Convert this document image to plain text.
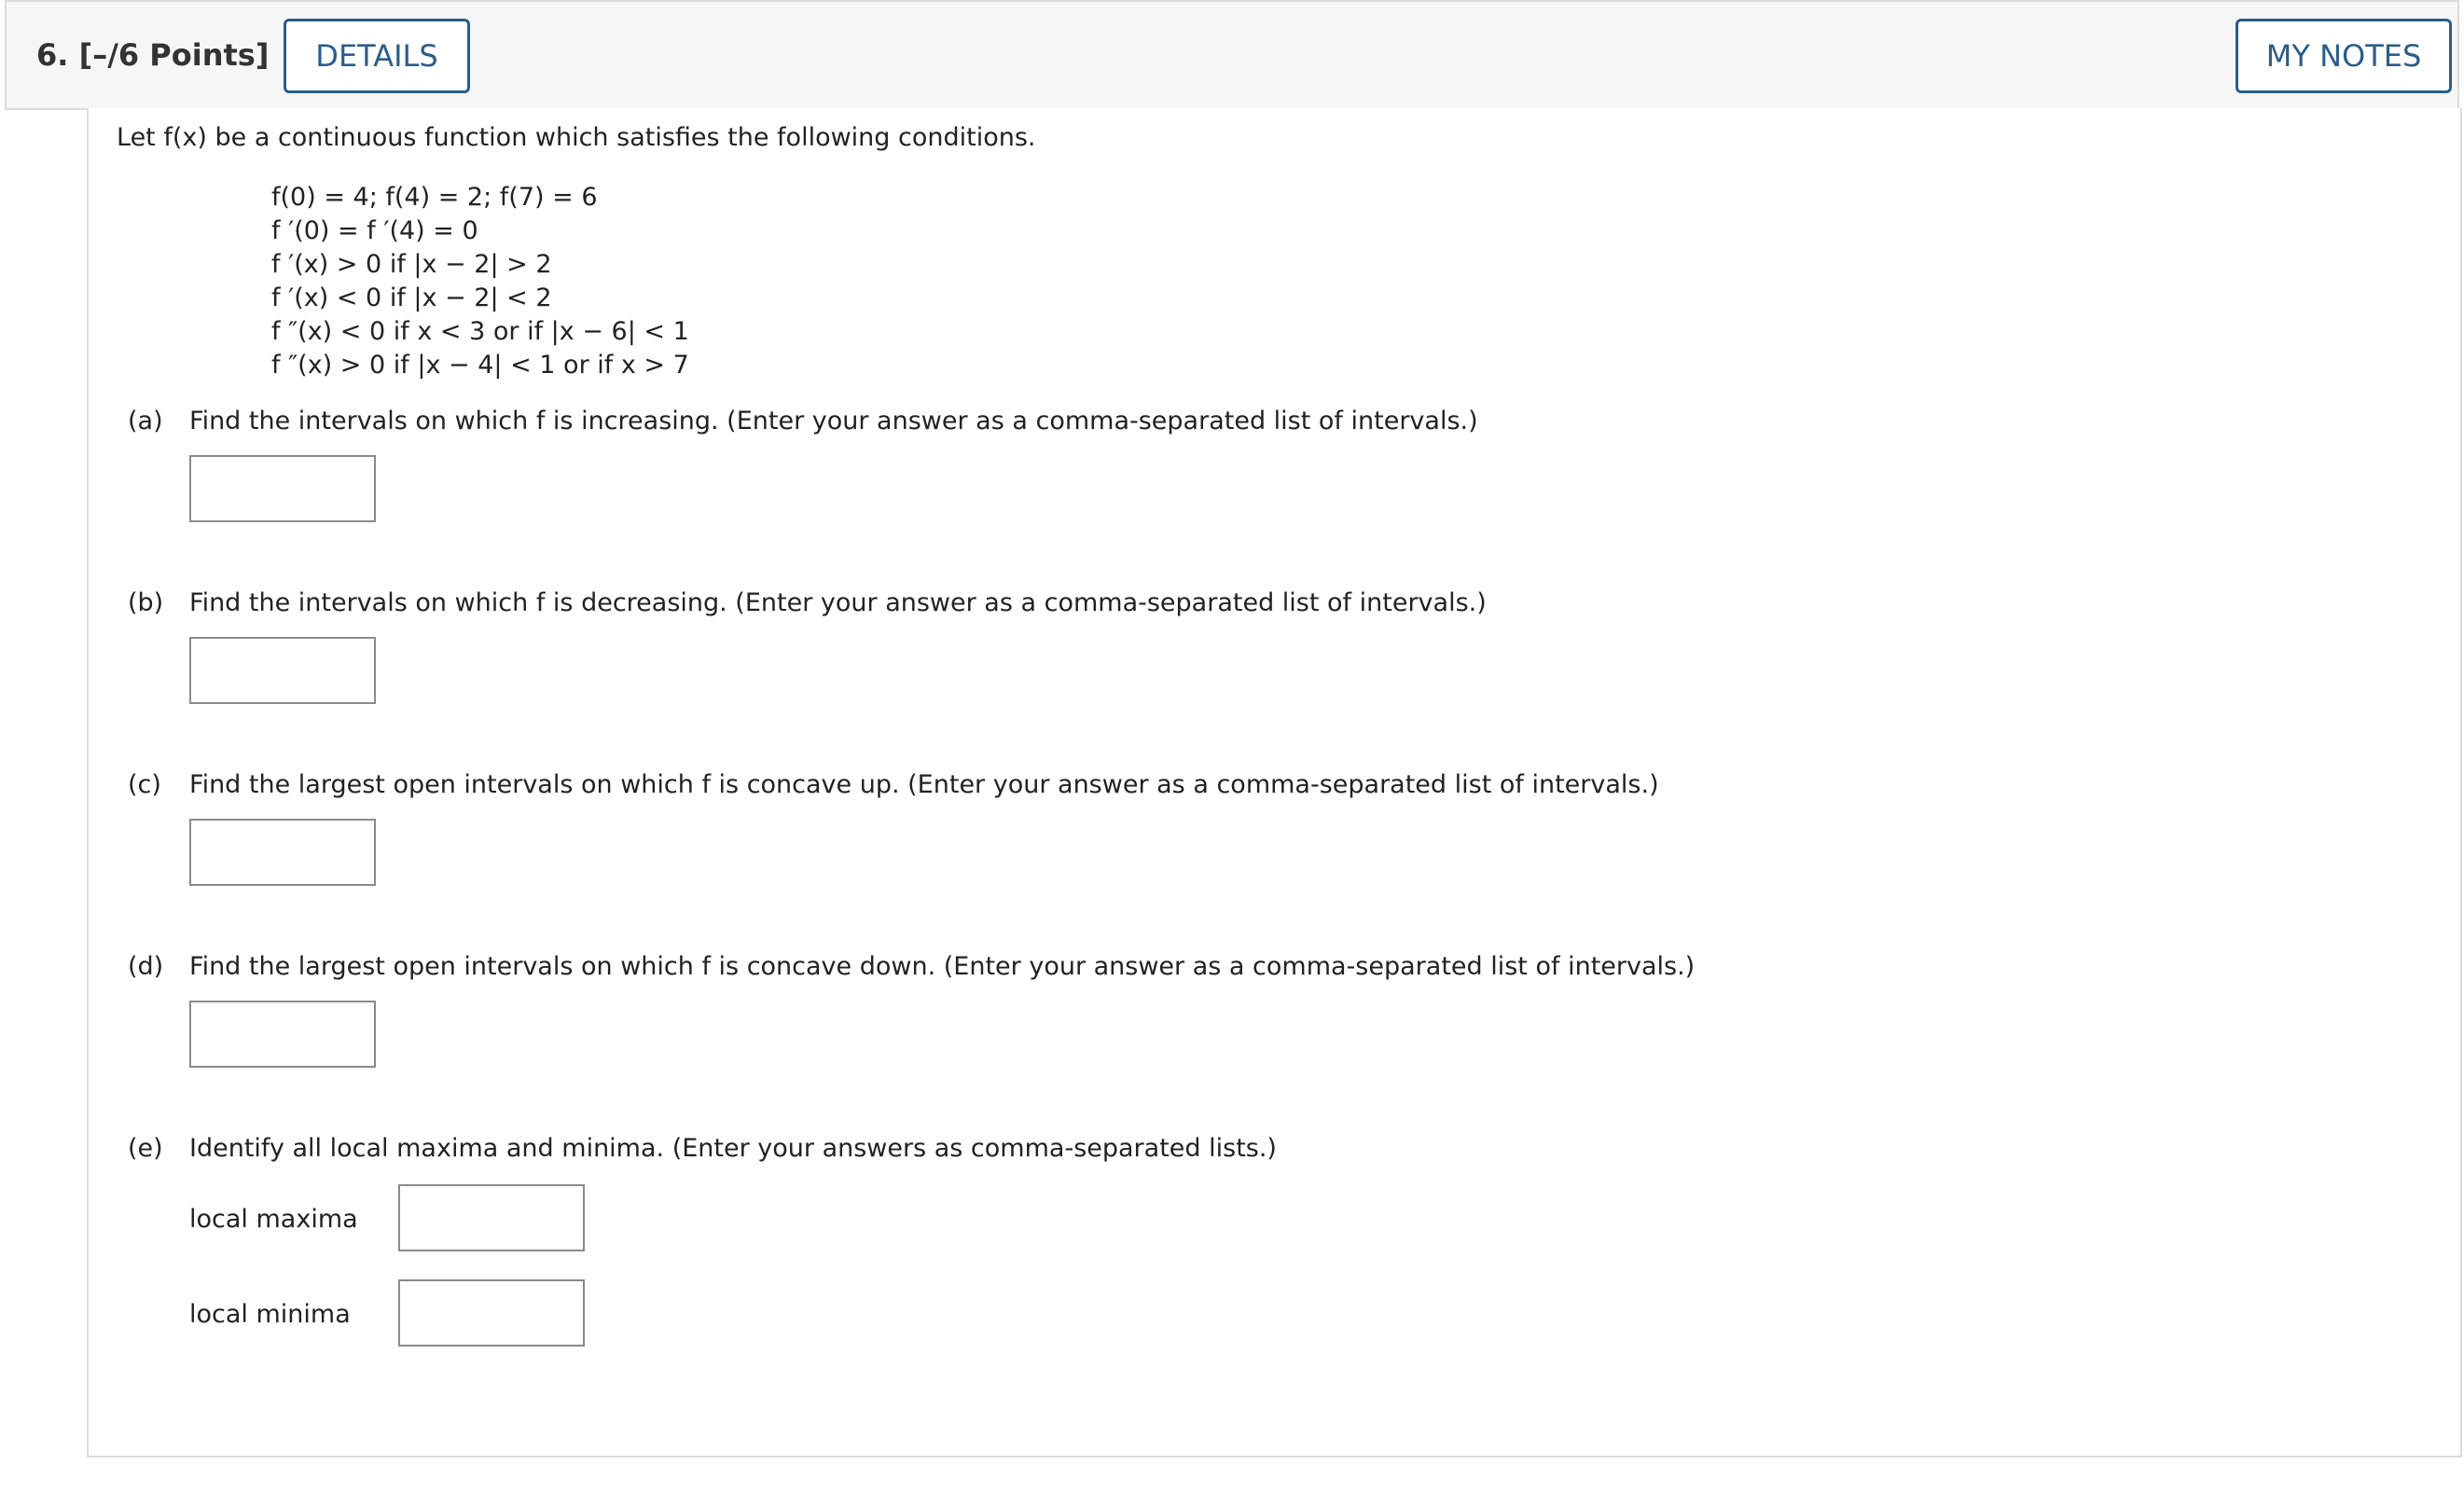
6. [–/6 Points]	DETAILS	MY NOTES
Let f(x) be a continuous function which satisfies the following conditions.
f(0) = 4; f(4) = 2; f(7) = 6
f ′(0) = f ′(4) = 0
f ′(x) > 0 if |x − 2| > 2
f ′(x) < 0 if |x − 2| < 2
f ″(x) < 0 if x < 3 or if |x − 6| < 1
f ″(x) > 0 if |x − 4| < 1 or if x > 7
(a) Find the intervals on which f is increasing. (Enter your answer as a comma-separated list of intervals.)
(b) Find the intervals on which f is decreasing. (Enter your answer as a comma-separated list of intervals.)
(c) Find the largest open intervals on which f is concave up. (Enter your answer as a comma-separated list of intervals.)
(d) Find the largest open intervals on which f is concave down. (Enter your answer as a comma-separated list of intervals.)
(e) Identify all local maxima and minima. (Enter your answers as comma-separated lists.)
local maxima
local minima
